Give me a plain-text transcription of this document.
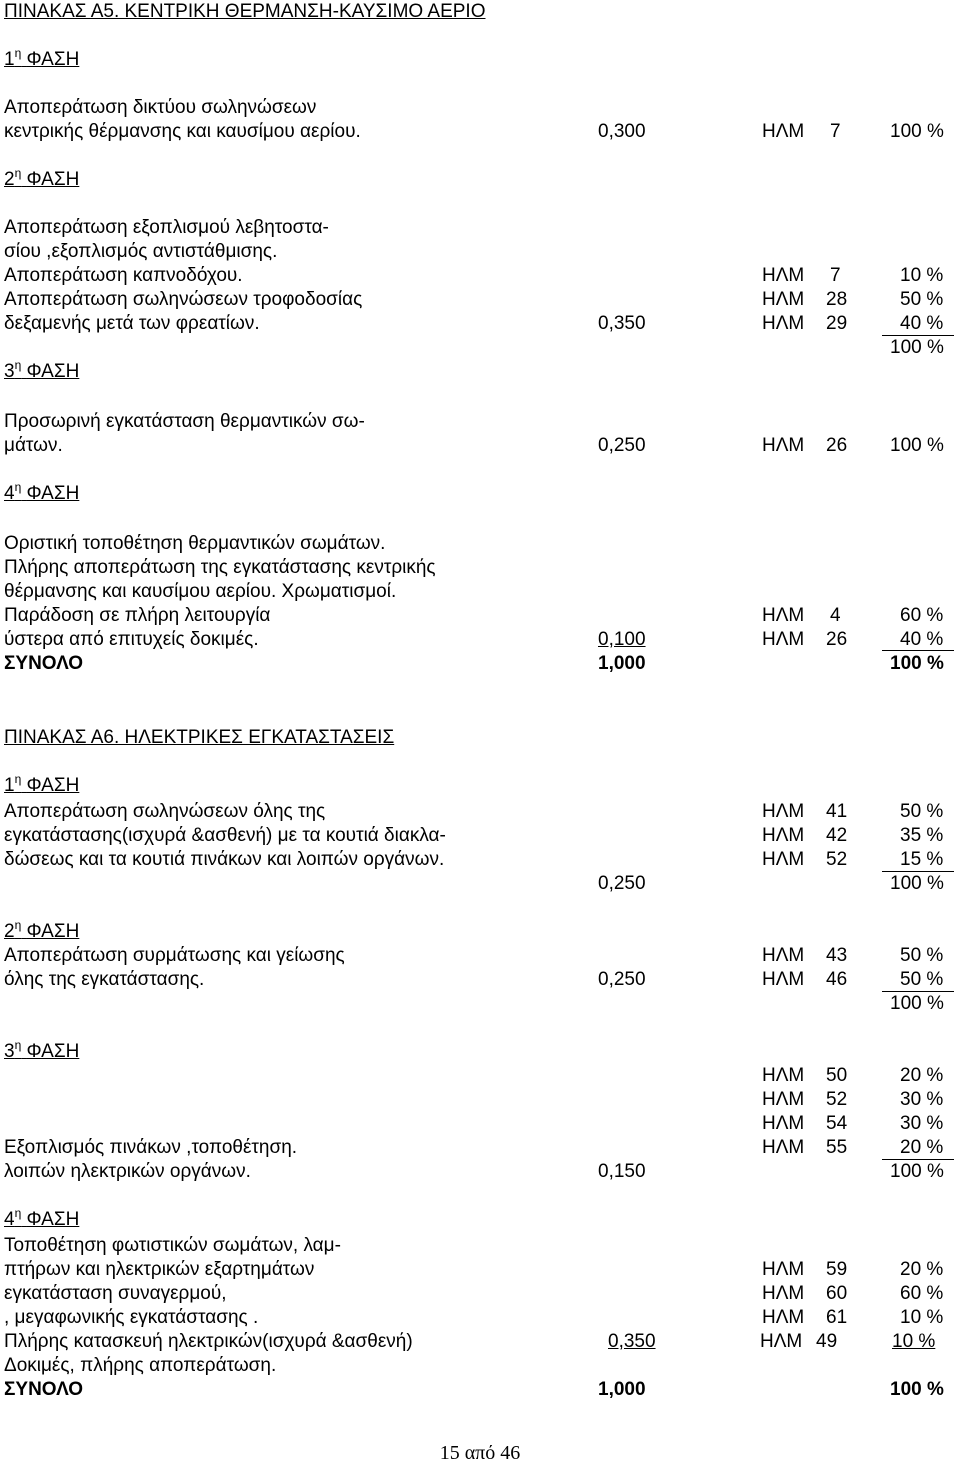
ΠΙΝΑΚΑΣ Α5. ΚΕΝΤΡΙΚΗ ΘΕΡΜΑΝΣΗ-ΚΑΥΣΙΜΟ ΑΕΡΙΟ
$1^\eta$ ΦΑΣΗ
Αποπεράτωση δικτύου σωληνώσεων
κεντρικής θέρμανσης και καυσίμου αερίου.	0,300	ΗΛΜ 7	100 %
$2^\eta$ ΦΑΣΗ
Αποπεράτωση εξοπλισμού λεβητοστα-
σίου ,εξοπλισμός αντιστάθμισης.
Αποπεράτωση καπνοδόχου.	ΗΛΜ 7	10 %
Αποπεράτωση σωληνώσεων τροφοδοσίας	ΗΛΜ 28	50 %
δεξαμενής μετά των φρεατίων.	0,350	ΗΛΜ 29	40 %
100 %
$3^\eta$ ΦΑΣΗ
Προσωρινή εγκατάσταση θερμαντικών σω-
μάτων.	0,250	ΗΛΜ 26 100 %
$4^\eta$ ΦΑΣΗ
Οριστική τοποθέτηση θερμαντικών σωμάτων.
Πλήρης αποπεράτωση της εγκατάστασης κεντρικής
θέρμανσης και καυσίμου αερίου. Χρωματισμοί.
Παράδοση σε πλήρη λειτουργία	ΗΛΜ 4	60 %
ύστερα από επιτυχείς δοκιμές.	0,100	ΗΛΜ 26	40 %
ΣΥΝΟΛΟ	1,000	100 %
ΠΙΝΑΚΑΣ Α6. ΗΛΕΚΤΡΙΚΕΣ ΕΓΚΑΤΑΣΤΑΣΕΙΣ
$1^\eta$ ΦΑΣΗ
Αποπεράτωση σωληνώσεων όλης της	ΗΛΜ 41	50 %
εγκατάστασης(ισχυρά &ασθενή) με τα κουτιά διακλα-	ΗΛΜ 42	35 %
δώσεως και τα κουτιά πινάκων και λοιπών οργάνων.	ΗΛΜ 52	15 %
0,250	100 %
$2^\eta$ ΦΑΣΗ
Αποπεράτωση συρμάτωσης και γείωσης	ΗΛΜ 43	50 %
όλης της εγκατάστασης.	0,250	ΗΛΜ 46	50 %
100 %
$3^\eta$ ΦΑΣΗ
ΗΛΜ 50	20 %
ΗΛΜ 52	30 %
ΗΛΜ 54	30 %
Εξοπλισμός πινάκων ,τοποθέτηση.	ΗΛΜ 55	20 %
λοιπών ηλεκτρικών οργάνων.	0,150	100 %
$4^\eta$ ΦΑΣΗ
Τοποθέτηση φωτιστικών σωμάτων, λαμ-
πτήρων και ηλεκτρικών εξαρτημάτων	ΗΛΜ 59	20 %
εγκατάσταση συναγερμού,	ΗΛΜ 60	60 %
, μεγαφωνικής εγκατάστασης .	ΗΛΜ 61	10 %
Πλήρης κατασκευή ηλεκτρικών(ισχυρά &ασθενή)	0,350	ΗΛΜ 49	10 %
Δοκιμές, πλήρης αποπεράτωση.
ΣΥΝΟΛΟ	1,000	100 %
15 από 46
